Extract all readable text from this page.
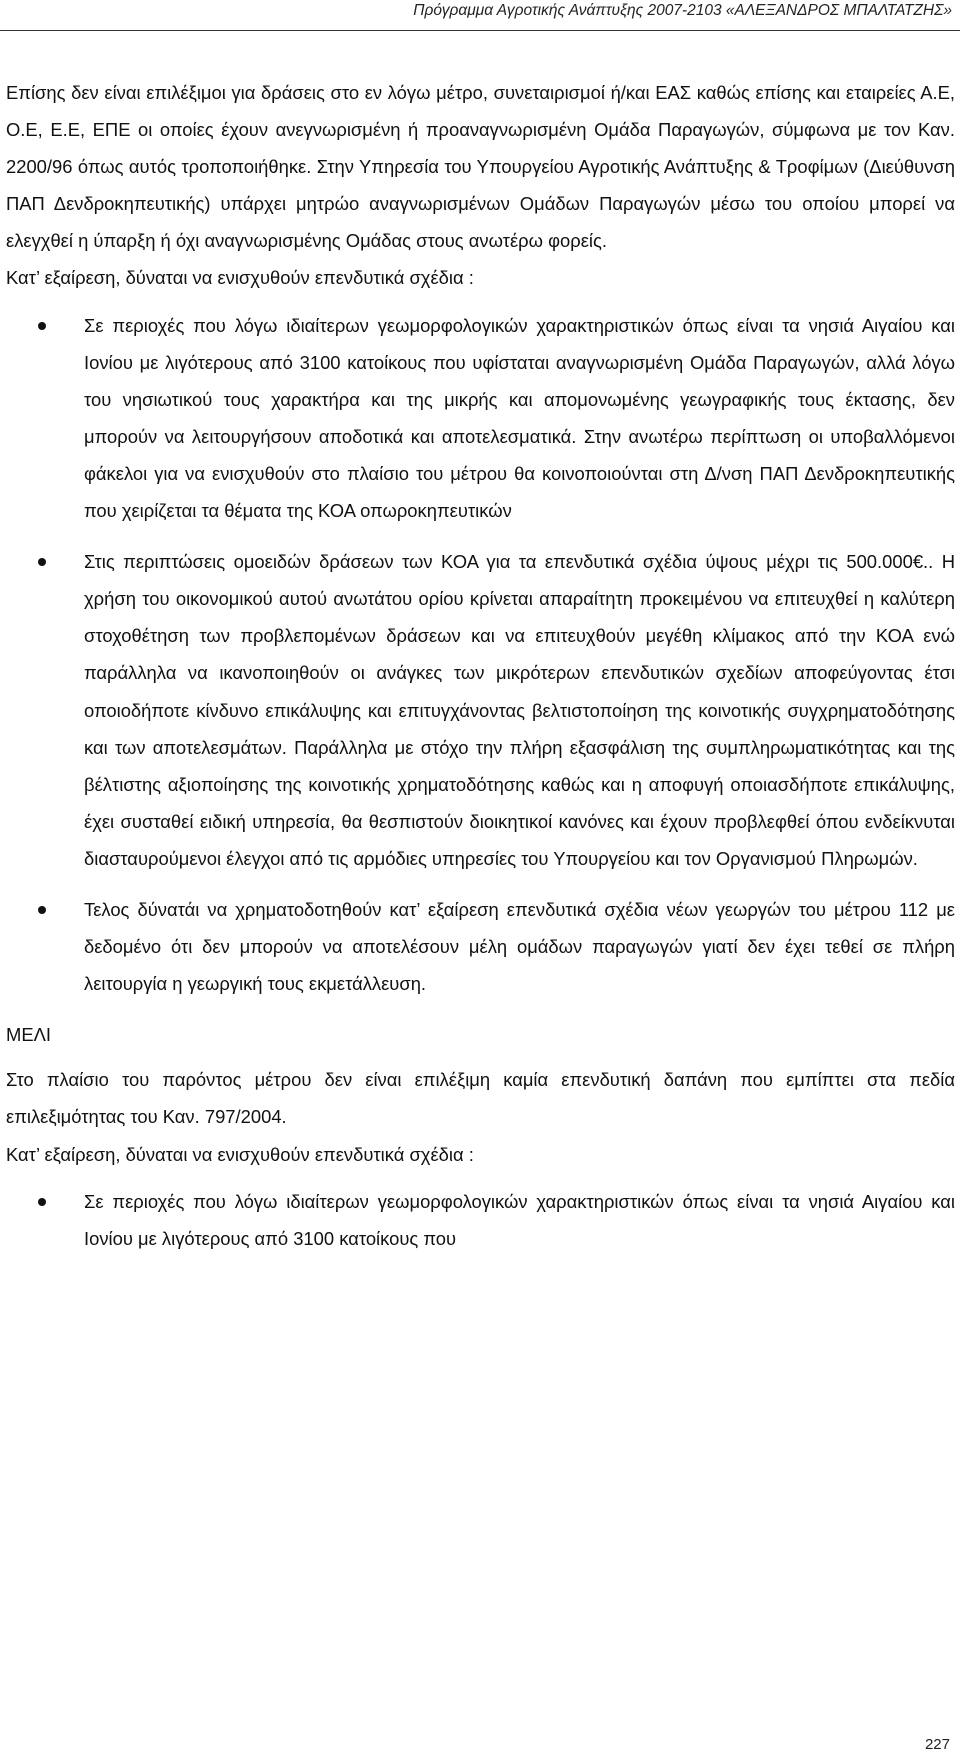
Πρόγραμμα Αγροτικής Ανάπτυξης 2007-2103 «ΑΛΕΞΑΝΔΡΟΣ ΜΠΑΛΤΑΤΖΗΣ»

Επίσης δεν είναι επιλέξιμοι για δράσεις στο εν λόγω μέτρο, συνεταιρισμοί ή/και ΕΑΣ καθώς επίσης και εταιρείες Α.Ε, Ο.Ε, Ε.Ε, ΕΠΕ οι οποίες έχουν ανεγνωρισμένη ή προαναγνωρισμένη Ομάδα Παραγωγών, σύμφωνα με τον Καν. 2200/96 όπως αυτός τροποποιήθηκε. Στην Υπηρεσία του Υπουργείου Αγροτικής Ανάπτυξης & Τροφίμων (Διεύθυνση ΠΑΠ Δενδροκηπευτικής) υπάρχει μητρώο αναγνωρισμένων Ομάδων Παραγωγών μέσω του οποίου μπορεί να ελεγχθεί η ύπαρξη ή όχι αναγνωρισμένης Ομάδας στους ανωτέρω φορείς.

Κατ’ εξαίρεση, δύναται να ενισχυθούν επενδυτικά σχέδια :

Σε περιοχές που λόγω ιδιαίτερων γεωμορφολογικών χαρακτηριστικών όπως είναι τα νησιά Αιγαίου και Ιονίου με λιγότερους από 3100 κατοίκους που υφίσταται αναγνωρισμένη Ομάδα Παραγωγών, αλλά λόγω του νησιωτικού τους χαρακτήρα και της μικρής και απομονωμένης γεωγραφικής τους έκτασης, δεν μπορούν να λειτουργήσουν αποδοτικά και αποτελεσματικά. Στην ανωτέρω περίπτωση οι υποβαλλόμενοι φάκελοι για να ενισχυθούν στο πλαίσιο του μέτρου θα κοινοποιούνται στη Δ/νση ΠΑΠ Δενδροκηπευτικής που χειρίζεται τα θέματα της ΚΟΑ οπωροκηπευτικών
Στις περιπτώσεις ομοειδών δράσεων των ΚΟΑ για τα επενδυτικά σχέδια ύψους μέχρι τις 500.000€.. Η χρήση του οικονομικού αυτού ανωτάτου ορίου κρίνεται απαραίτητη προκειμένου να επιτευχθεί η καλύτερη στοχοθέτηση των προβλεπομένων δράσεων και να επιτευχθούν μεγέθη κλίμακος από την ΚΟΑ ενώ παράλληλα να ικανοποιηθούν οι ανάγκες των μικρότερων επενδυτικών σχεδίων αποφεύγοντας έτσι οποιοδήποτε κίνδυνο επικάλυψης και επιτυγχάνοντας βελτιστοποίηση της κοινοτικής συγχρηματοδότησης και των αποτελεσμάτων. Παράλληλα με στόχο την πλήρη εξασφάλιση της συμπληρωματικότητας και της βέλτιστης αξιοποίησης της κοινοτικής χρηματοδότησης καθώς και η αποφυγή οποιασδήποτε επικάλυψης, έχει συσταθεί ειδική υπηρεσία, θα θεσπιστούν διοικητικοί κανόνες και έχουν προβλεφθεί όπου ενδείκνυται διασταυρούμενοι έλεγχοι από τις αρμόδιες υπηρεσίες του Υπουργείου και τον Οργανισμού Πληρωμών.
Τελος δύνατάι να χρηματοδοτηθούν κατ’ εξαίρεση επενδυτικά σχέδια νέων γεωργών του μέτρου 112 με δεδομένο ότι δεν μπορούν να αποτελέσουν μέλη ομάδων παραγωγών γιατί δεν έχει τεθεί σε πλήρη λειτουργία η γεωργική τους εκμετάλλευση.

ΜΕΛΙ

Στο πλαίσιο του παρόντος μέτρου δεν είναι επιλέξιμη καμία επενδυτική δαπάνη που εμπίπτει στα πεδία επιλεξιμότητας του Καν. 797/2004.

Κατ’ εξαίρεση, δύναται να ενισχυθούν επενδυτικά σχέδια :

Σε περιοχές που λόγω ιδιαίτερων γεωμορφολογικών χαρακτηριστικών όπως είναι τα νησιά Αιγαίου και Ιονίου με λιγότερους από 3100 κατοίκους που
227
